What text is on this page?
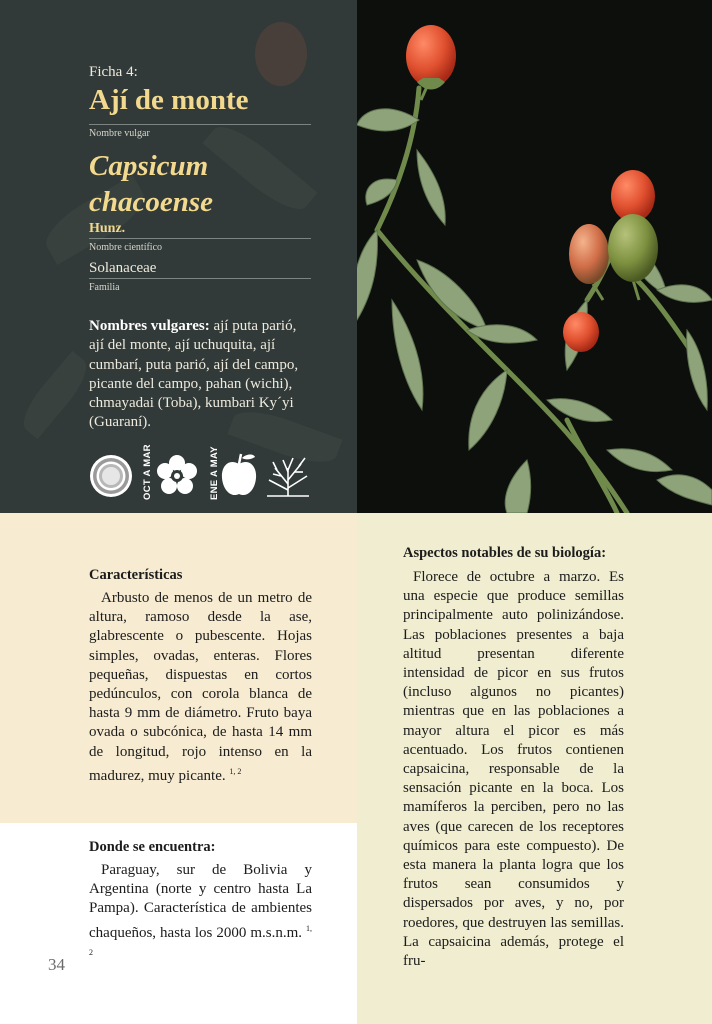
Ficha 4:
Ají de monte
Nombre vulgar
Capsicum
chacoense
Hunz.
Nombre científico
Solanaceae
Familia
Nombres vulgares: ají puta parió, ají del monte, ají uchuquita, ají cumbarí, puta parió, ají del campo, picante del campo, pahan (wichi), chmayadai (Toba), kumbari Ky´yi (Guaraní).
OCT A MAR	ENE A MAY
Características
Arbusto de menos de un metro de altura, ramoso desde la ase, glabrescente o pubescente. Hojas simples, ovadas, enteras. Flores pequeñas, dispuestas en cortos pedúnculos, con corola blanca de hasta 9 mm de diámetro. Fruto baya ovada o subcónica, de hasta 14 mm de longitud, rojo intenso en la madurez, muy picante. $^{1, 2}$
Donde se encuentra:
Paraguay, sur de Bolivia y Argentina (norte y centro hasta La Pampa). Característica de ambientes chaqueños, hasta los 2000 m.s.n.m. $^{1, 2}$
Aspectos notables de su biología:
Florece de octubre a marzo. Es una especie que produce semillas principalmente auto polinizándose. Las poblaciones presentes a baja altitud presentan diferente intensidad de picor en sus frutos (incluso algunos no picantes) mientras que en las poblaciones a mayor altura el picor es más acentuado. Los frutos contienen capsaicina, responsable de la sensación picante en la boca. Los mamíferos la perciben, pero no las aves (que carecen de los receptores químicos para este compuesto). De esta manera la planta logra que los frutos sean consumidos y dispersados por aves, y no, por roedores, que destruyen las semillas. La capsaicina además, protege el fru-
34
